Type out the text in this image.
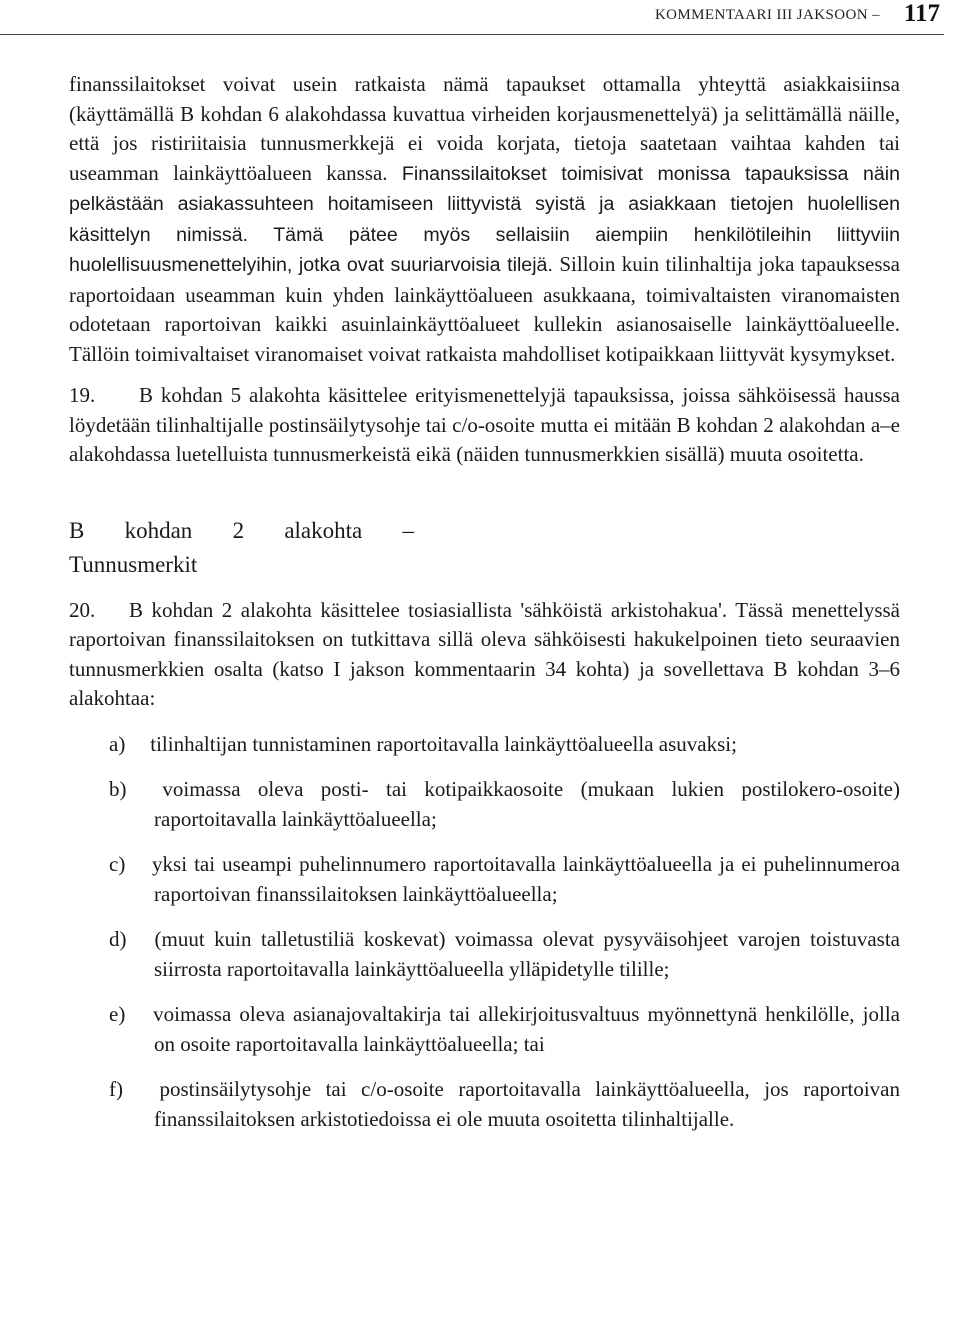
KOMMENTAARI III JAKSOON – 117

finanssilaitokset voivat usein ratkaista nämä tapaukset ottamalla yhteyttä asiakkaisiinsa (käyttämällä B kohdan 6 alakohdassa kuvattua virheiden korjausmenettelyä) ja selittämällä näille, että jos ristiriitaisia tunnusmerkkejä ei voida korjata, tietoja saatetaan vaihtaa kahden tai useamman lainkäyttöalueen kanssa. Finanssilaitokset toimisivat monissa tapauksissa näin pelkästään asiakassuhteen hoitamiseen liittyvistä syistä ja asiakkaan tietojen huolellisen käsittelyn nimissä. Tämä pätee myös sellaisiin aiempiin henkilötileihin liittyviin huolellisuusmenettelyihin, jotka ovat suuriarvoisia tilejä. Silloin kuin tilinhaltija joka tapauksessa raportoidaan useamman kuin yhden lainkäyttöalueen asukkaana, toimivaltaisten viranomaisten odotetaan raportoivan kaikki asuinlainkäyttöalueet kullekin asianosaiselle lainkäyttöalueelle. Tällöin toimivaltaiset viranomaiset voivat ratkaista mahdolliset kotipaikkaan liittyvät kysymykset.

19. B kohdan 5 alakohta käsittelee erityismenettelyjä tapauksissa, joissa sähköisessä haussa löydetään tilinhaltijalle postinsäilytysohje tai c/o-osoite mutta ei mitään B kohdan 2 alakohdan a–e alakohdassa luetelluista tunnusmerkeistä eikä (näiden tunnusmerkkien sisällä) muuta osoitetta.

B kohdan 2 alakohta –
Tunnusmerkit

20. B kohdan 2 alakohta käsittelee tosiasiallista 'sähköistä arkistohakua'. Tässä menettelyssä raportoivan finanssilaitoksen on tutkittava sillä oleva sähköisesti hakukelpoinen tieto seuraavien tunnusmerkkien osalta (katso I jakson kommentaarin 34 kohta) ja sovellettava B kohdan 3–6 alakohtaa:

a) tilinhaltijan tunnistaminen raportoitavalla lainkäyttöalueella asuvaksi;
b) voimassa oleva posti- tai kotipaikkaosoite (mukaan lukien postilokero-osoite) raportoitavalla lainkäyttöalueella;
c) yksi tai useampi puhelinnumero raportoitavalla lainkäyttöalueella ja ei puhelinnumeroa raportoivan finanssilaitoksen lainkäyttöalueella;
d) (muut kuin talletustiliä koskevat) voimassa olevat pysyväisohjeet varojen toistuvasta siirrosta raportoitavalla lainkäyttöalueella ylläpidetylle tilille;
e) voimassa oleva asianajovaltakirja tai allekirjoitusvaltuus myönnettynä henkilölle, jolla on osoite raportoitavalla lainkäyttöalueella; tai
f) postinsäilytysohje tai c/o-osoite raportoitavalla lainkäyttöalueella, jos raportoivan finanssilaitoksen arkistotiedoissa ei ole muuta osoitetta tilinhaltijalle.
